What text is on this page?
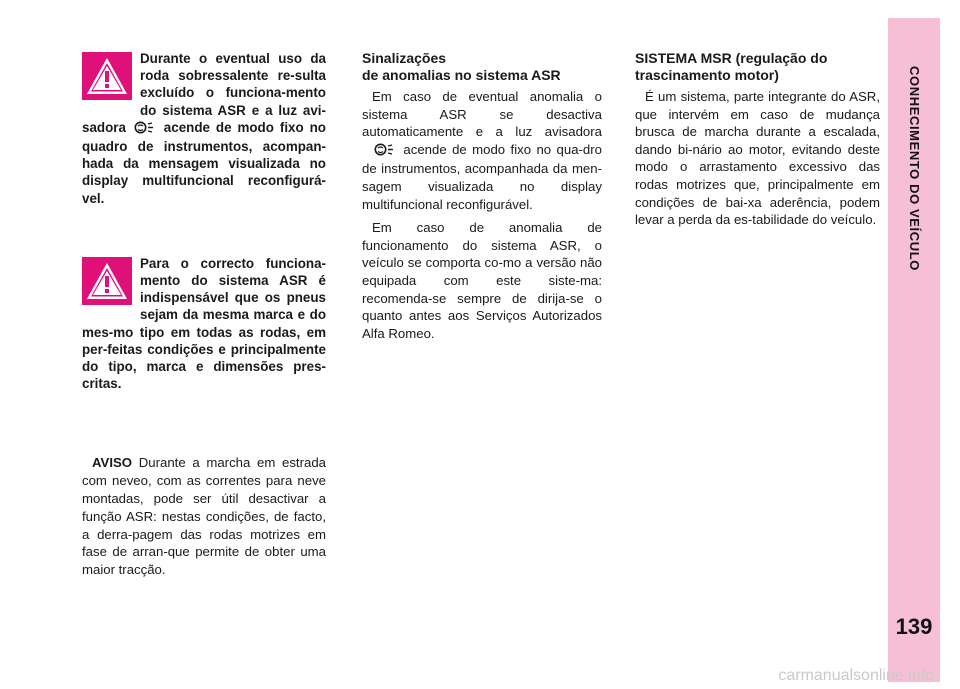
Durante o eventual uso da roda sobressalente re-sulta excluído o funciona-mento do sistema ASR e a luz avi-sadora  acende de modo fixo no quadro de instrumentos, acompan-hada da mensagem visualizada no display multifuncional reconfigurá-vel.

Para o correcto funciona-mento do sistema ASR é indispensável que os pneus sejam da mesma marca e do mes-mo tipo em todas as rodas, em per-feitas condições e principalmente do tipo, marca e dimensões pres-critas.

AVISO Durante a marcha em estrada com neveo, com as correntes para neve montadas, pode ser útil desactivar a função ASR: nestas condições, de facto, a derra-pagem das rodas motrizes em fase de arran-que permite de obter uma maior tracção.

Sinalizações
de anomalias no sistema ASR

Em caso de eventual anomalia o sistema ASR se desactiva automaticamente e a luz avisadora  acende de modo fixo no qua-dro de instrumentos, acompanhada da men-sagem visualizada no display multifuncional reconfigurável.

Em caso de anomalia de funcionamento do sistema ASR, o veículo se comporta co-mo a versão não equipada com este siste-ma: recomenda-se sempre de dirija-se o quanto antes aos Serviços Autorizados Alfa Romeo.

SISTEMA MSR (regulação do
trascinamento motor)

É um sistema, parte integrante do ASR, que intervém em caso de mudança brusca de marcha durante a escalada, dando bi-nário ao motor, evitando deste modo o arrastamento excessivo das rodas motrizes que, principalmente em condições de bai-xa aderência, podem levar a perda da es-tabilidade do veículo. CONHECIMENTO DO VEÍCULO
139
carmanualsonline.info
